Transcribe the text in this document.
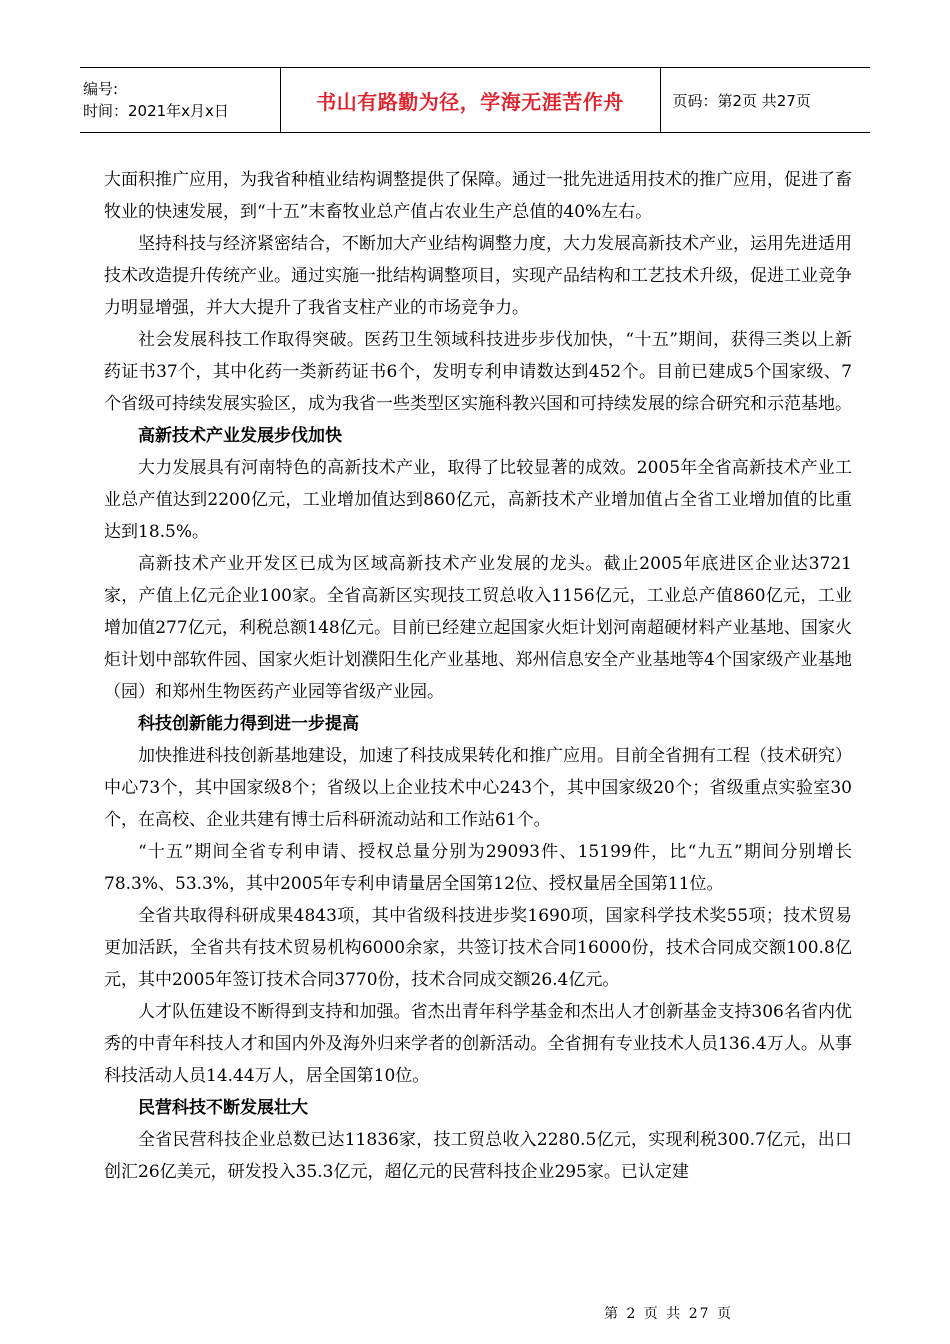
编号:
时间：2021年x月x日	书山有路勤为径，学海无涯苦作舟	页码：第2页 共27页

大面积推广应用，为我省种植业结构调整提供了保障。通过一批先进适用技术的推广应用，促进了畜牧业的快速发展，到“十五”末畜牧业总产值占农业生产总值的40%左右。

坚持科技与经济紧密结合，不断加大产业结构调整力度，大力发展高新技术产业，运用先进适用技术改造提升传统产业。通过实施一批结构调整项目，实现产品结构和工艺技术升级，促进工业竞争力明显增强，并大大提升了我省支柱产业的市场竞争力。

社会发展科技工作取得突破。医药卫生领域科技进步步伐加快，“十五”期间，获得三类以上新药证书37个，其中化药一类新药证书6个，发明专利申请数达到452个。目前已建成5个国家级、7个省级可持续发展实验区，成为我省一些类型区实施科教兴国和可持续发展的综合研究和示范基地。

高新技术产业发展步伐加快

大力发展具有河南特色的高新技术产业，取得了比较显著的成效。2005年全省高新技术产业工业总产值达到2200亿元，工业增加值达到860亿元，高新技术产业增加值占全省工业增加值的比重达到18.5%。

高新技术产业开发区已成为区域高新技术产业发展的龙头。截止2005年底进区企业达3721家，产值上亿元企业100家。全省高新区实现技工贸总收入1156亿元，工业总产值860亿元，工业增加值277亿元，利税总额148亿元。目前已经建立起国家火炬计划河南超硬材料产业基地、国家火炬计划中部软件园、国家火炬计划濮阳生化产业基地、郑州信息安全产业基地等4个国家级产业基地（园）和郑州生物医药产业园等省级产业园。

科技创新能力得到进一步提高

加快推进科技创新基地建设，加速了科技成果转化和推广应用。目前全省拥有工程（技术研究）中心73个，其中国家级8个；省级以上企业技术中心243个，其中国家级20个；省级重点实验室30个，在高校、企业共建有博士后科研流动站和工作站61个。

“十五”期间全省专利申请、授权总量分别为29093件、15199件，比“九五”期间分别增长78.3%、53.3%，其中2005年专利申请量居全国第12位、授权量居全国第11位。

全省共取得科研成果4843项，其中省级科技进步奖1690项，国家科学技术奖55项；技术贸易更加活跃，全省共有技术贸易机构6000余家，共签订技术合同16000份，技术合同成交额100.8亿元，其中2005年签订技术合同3770份，技术合同成交额26.4亿元。

人才队伍建设不断得到支持和加强。省杰出青年科学基金和杰出人才创新基金支持306名省内优秀的中青年科技人才和国内外及海外归来学者的创新活动。全省拥有专业技术人员136.4万人。从事科技活动人员14.44万人，居全国第10位。

民营科技不断发展壮大

全省民营科技企业总数已达11836家，技工贸总收入2280.5亿元，实现利税300.7亿元，出口创汇26亿美元，研发投入35.3亿元，超亿元的民营科技企业295家。已认定建

第 2 页 共 27 页
